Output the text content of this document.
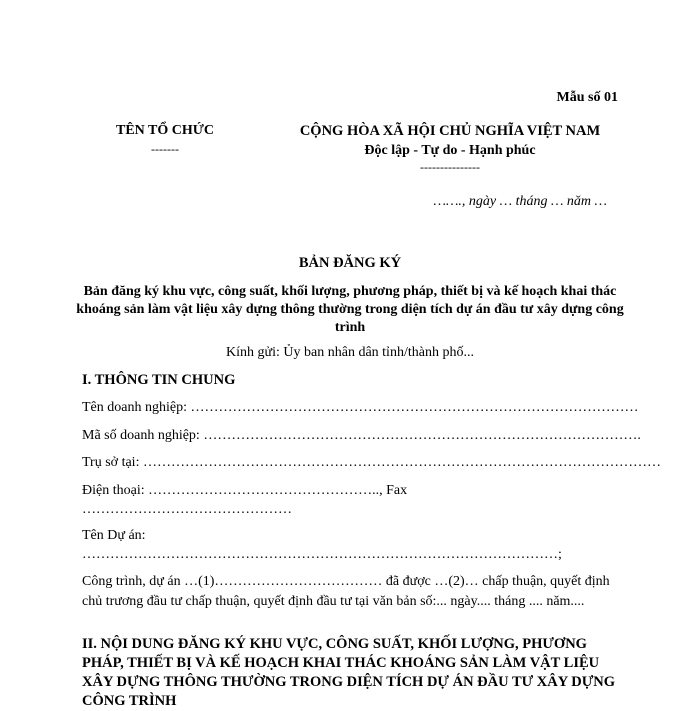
Mẫu số 01
TÊN TỔ CHỨC
-------
CỘNG HÒA XÃ HỘI CHỦ NGHĨA VIỆT NAM
Độc lập - Tự do - Hạnh phúc
---------------
……., ngày … tháng … năm …
BẢN ĐĂNG KÝ
Bản đăng ký khu vực, công suất, khối lượng, phương pháp, thiết bị và kế hoạch khai thác khoáng sản làm vật liệu xây dựng thông thường trong diện tích dự án đầu tư xây dựng công trình
Kính gửi: Ủy ban nhân dân tỉnh/thành phố...
I. THÔNG TIN CHUNG
Tên doanh nghiệp: ……………………………………………………………………………………
Mã số doanh nghiệp: ………………………………………………………………………………….
Trụ sở tại: …………………………………………………………………………………………………
Điện thoại: ………………………………………….., Fax
………………………………………
Tên Dự án:
…………………………………………………………………………………………;
Công trình, dự án …(1)……………………………… đã được …(2)… chấp thuận, quyết định chủ trương đầu tư chấp thuận, quyết định đầu tư tại văn bản số:... ngày.... tháng .... năm....
II. NỘI DUNG ĐĂNG KÝ KHU VỰC, CÔNG SUẤT, KHỐI LƯỢNG, PHƯƠNG PHÁP, THIẾT BỊ VÀ KẾ HOẠCH KHAI THÁC KHOÁNG SẢN LÀM VẬT LIỆU XÂY DỰNG THÔNG THƯỜNG TRONG DIỆN TÍCH DỰ ÁN ĐẦU TƯ XÂY DỰNG CÔNG TRÌNH
